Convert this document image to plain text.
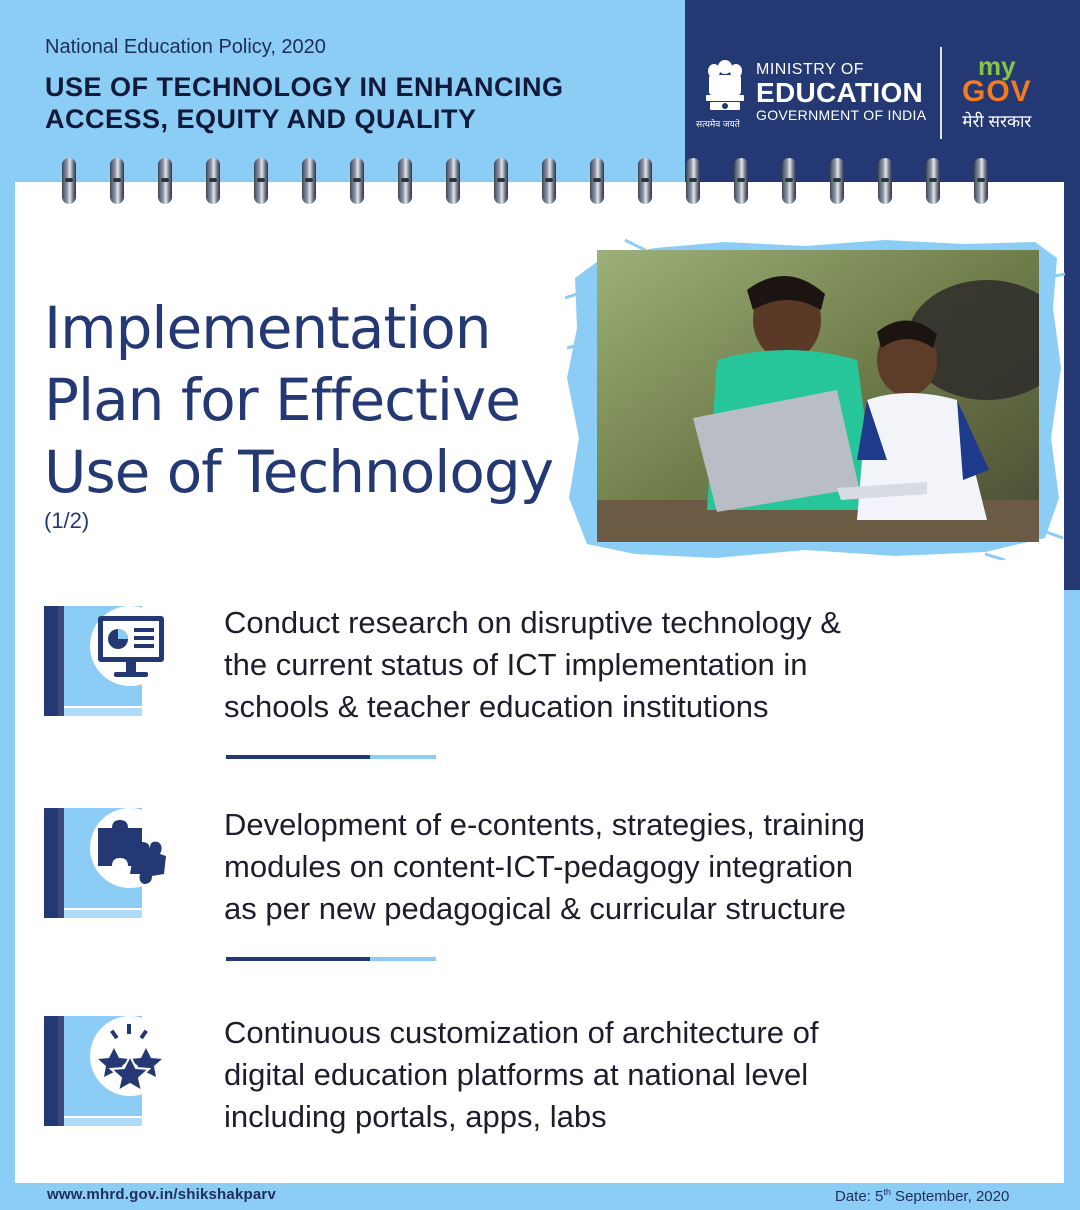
National Education Policy, 2020
USE OF TECHNOLOGY IN ENHANCING
ACCESS, EQUITY AND QUALITY	सत्यमेव जयते
MINISTRY OF
EDUCATION
GOVERNMENT OF INDIA
my
GOV
मेरी सरकार
Implementation
Plan for Effective
Use of Technology
(1/2)
Conduct research on disruptive technology &
the current status of ICT implementation in
schools & teacher education institutions
Development of e-contents, strategies, training
modules on content-ICT-pedagogy integration
as per new pedagogical & curricular structure
Continuous customization of architecture of
digital education platforms at national level
including portals, apps, labs
www.mhrd.gov.in/shikshakparv	Date: 5th September, 2020
